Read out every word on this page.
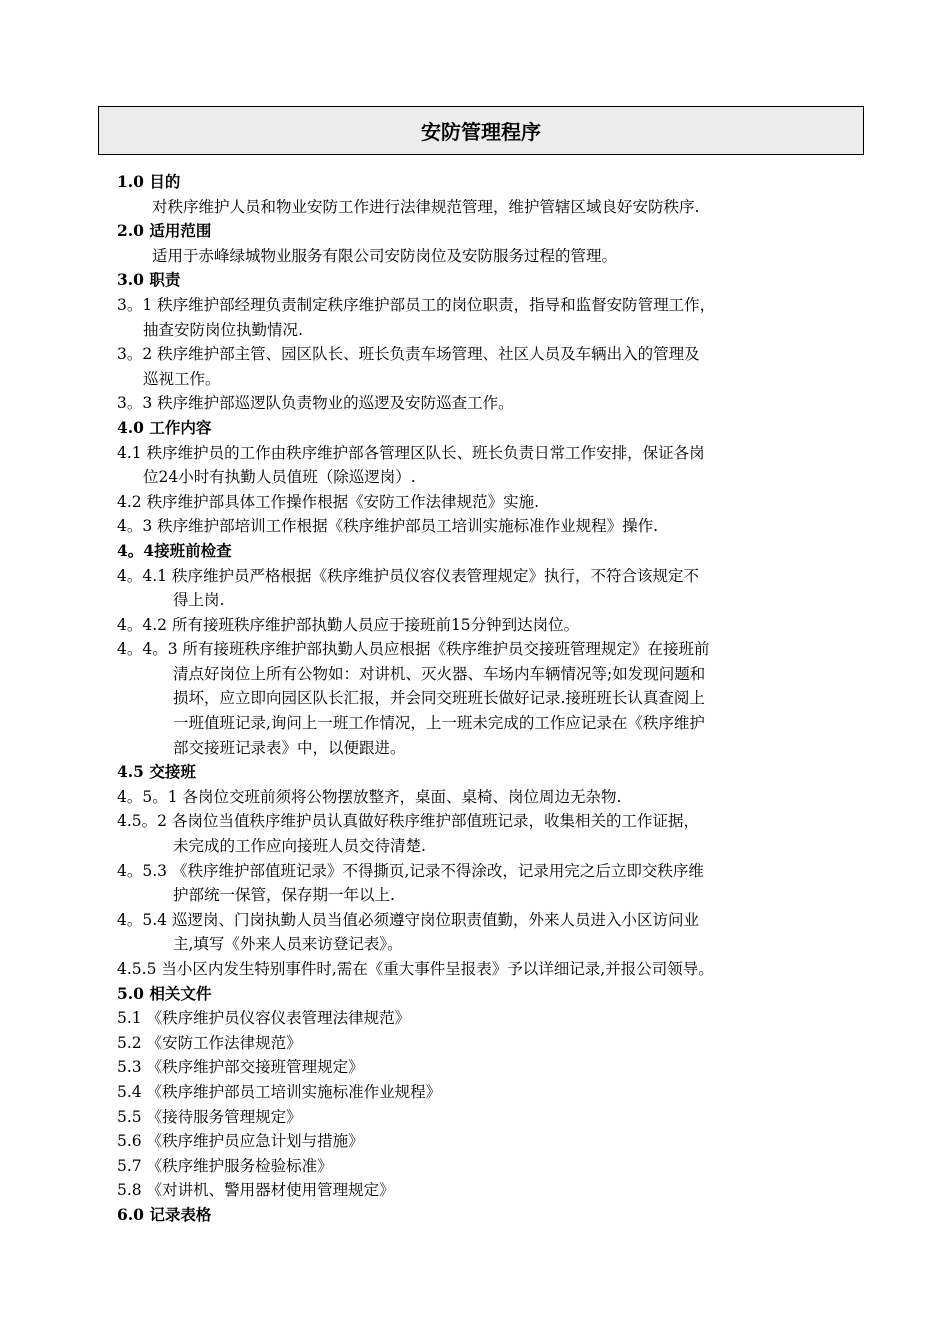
安防管理程序
1.0 目的
对秩序维护人员和物业安防工作进行法律规范管理，维护管辖区域良好安防秩序.
2.0 适用范围
适用于赤峰绿城物业服务有限公司安防岗位及安防服务过程的管理。
3.0 职责
3。1 秩序维护部经理负责制定秩序维护部员工的岗位职责，指导和监督安防管理工作，
抽查安防岗位执勤情况.
3。2 秩序维护部主管、园区队长、班长负责车场管理、社区人员及车辆出入的管理及
巡视工作。
3。3 秩序维护部巡逻队负责物业的巡逻及安防巡查工作。
4.0 工作内容
4.1 秩序维护员的工作由秩序维护部各管理区队长、班长负责日常工作安排，保证各岗
位24小时有执勤人员值班（除巡逻岗）.
4.2 秩序维护部具体工作操作根据《安防工作法律规范》实施.
4。3 秩序维护部培训工作根据《秩序维护部员工培训实施标准作业规程》操作.
4。4接班前检查
4。4.1 秩序维护员严格根据《秩序维护员仪容仪表管理规定》执行，不符合该规定不
得上岗.
4。4.2 所有接班秩序维护部执勤人员应于接班前15分钟到达岗位。
4。4。3 所有接班秩序维护部执勤人员应根据《秩序维护员交接班管理规定》在接班前
清点好岗位上所有公物如：对讲机、灭火器、车场内车辆情况等;如发现问题和
损坏，应立即向园区队长汇报，并会同交班班长做好记录.接班班长认真查阅上
一班值班记录,询问上一班工作情况，上一班未完成的工作应记录在《秩序维护
部交接班记录表》中，以便跟进。
4.5 交接班
4。5。1 各岗位交班前须将公物摆放整齐，桌面、桌椅、岗位周边无杂物.
4.5。2 各岗位当值秩序维护员认真做好秩序维护部值班记录，收集相关的工作证据，
未完成的工作应向接班人员交待清楚.
4。5.3 《秩序维护部值班记录》不得撕页,记录不得涂改，记录用完之后立即交秩序维
护部统一保管，保存期一年以上.
4。5.4 巡逻岗、门岗执勤人员当值必须遵守岗位职责值勤，外来人员进入小区访问业
主,填写《外来人员来访登记表》。
4.5.5 当小区内发生特别事件时,需在《重大事件呈报表》予以详细记录,并报公司领导。
5.0 相关文件
5.1 《秩序维护员仪容仪表管理法律规范》
5.2 《安防工作法律规范》
5.3 《秩序维护部交接班管理规定》
5.4 《秩序维护部员工培训实施标准作业规程》
5.5 《接待服务管理规定》
5.6 《秩序维护员应急计划与措施》
5.7 《秩序维护服务检验标准》
5.8 《对讲机、警用器材使用管理规定》
6.0 记录表格
